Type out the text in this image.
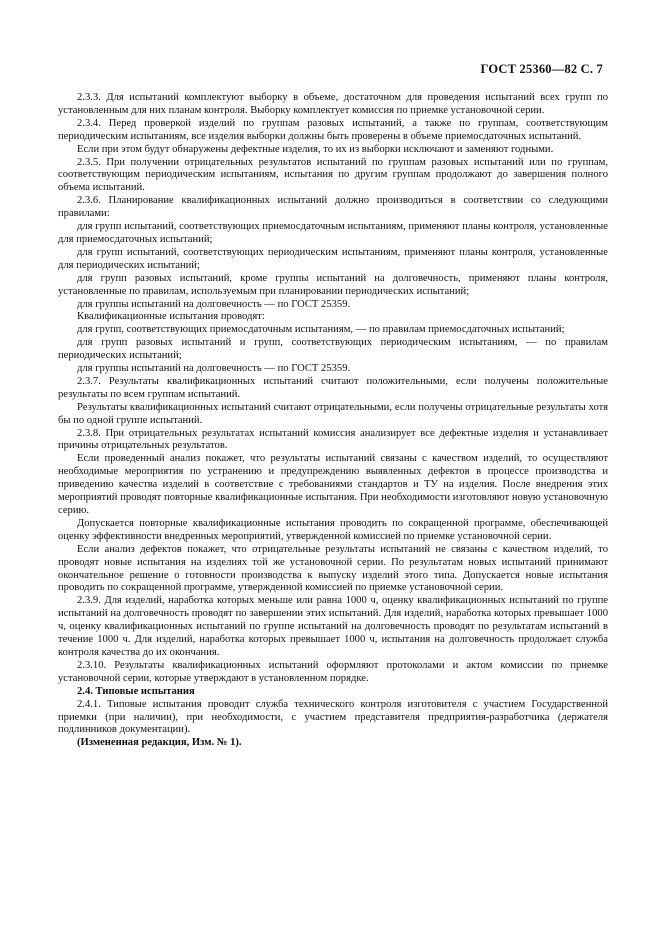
ГОСТ 25360—82 С. 7

2.3.3. Для испытаний комплектуют выборку в объеме, достаточном для проведения испытаний всех групп по установленным для них планам контроля. Выборку комплектует комиссия по приемке установочной серии.

2.3.4. Перед проверкой изделий по группам разовых испытаний, а также по группам, соответствующим периодическим испытаниям, все изделия выборки должны быть проверены в объеме приемосдаточных испытаний.

Если при этом будут обнаружены дефектные изделия, то их из выборки исключают и заменяют годными.

2.3.5. При получении отрицательных результатов испытаний по группам разовых испытаний или по группам, соответствующим периодическим испытаниям, испытания по другим группам продолжают до завершения полного объема испытаний.

2.3.6. Планирование квалификационных испытаний должно производиться в соответствии со следующими правилами:

для групп испытаний, соответствующих приемосдаточным испытаниям, применяют планы контроля, установленные для приемосдаточных испытаний;

для групп испытаний, соответствующих периодическим испытаниям, применяют планы контроля, установленные для периодических испытаний;

для групп разовых испытаний, кроме группы испытаний на долговечность, применяют планы контроля, установленные по правилам, используемым при планировании периодических испытаний;

для группы испытаний на долговечность — по ГОСТ 25359.

Квалификационные испытания проводят:

для групп, соответствующих приемосдаточным испытаниям, — по правилам приемосдаточных испытаний;

для групп разовых испытаний и групп, соответствующих периодическим испытаниям, — по правилам периодических испытаний;

для группы испытаний на долговечность — по ГОСТ 25359.

2.3.7. Результаты квалификационных испытаний считают положительными, если получены положительные результаты по всем группам испытаний.

Результаты квалификационных испытаний считают отрицательными, если получены отрицательные результаты хотя бы по одной группе испытаний.

2.3.8. При отрицательных результатах испытаний комиссия анализирует все дефектные изделия и устанавливает причины отрицательных результатов.

Если проведенный анализ покажет, что результаты испытаний связаны с качеством изделий, то осуществляют необходимые мероприятия по устранению и предупреждению выявленных дефектов в процессе производства и приведению качества изделий в соответствие с требованиями стандартов и ТУ на изделия. После внедрения этих мероприятий проводят повторные квалификационные испытания. При необходимости изготовляют новую установочную серию.

Допускается повторные квалификационные испытания проводить по сокращенной программе, обеспечивающей оценку эффективности внедренных мероприятий, утвержденной комиссией по приемке установочной серии.

Если анализ дефектов покажет, что отрицательные результаты испытаний не связаны с качеством изделий, то проводят новые испытания на изделиях той же установочной серии. По результатам новых испытаний принимают окончательное решение о готовности производства к выпуску изделий этого типа. Допускается новые испытания проводить по сокращенной программе, утвержденной комиссией по приемке установочной серии.

2.3.9. Для изделий, наработка которых меньше или равна 1000 ч, оценку квалификационных испытаний по группе испытаний на долговечность проводят по завершении этих испытаний. Для изделий, наработка которых превышает 1000 ч, оценку квалификационных испытаний по группе испытаний на долговечность проводят по результатам испытаний в течение 1000 ч. Для изделий, наработка которых превышает 1000 ч, испытания на долговечность продолжает служба контроля качества до их окончания.

2.3.10. Результаты квалификационных испытаний оформляют протоколами и актом комиссии по приемке установочной серии, которые утверждают в установленном порядке.

2.4. Типовые испытания

2.4.1. Типовые испытания проводит служба технического контроля изготовителя с участием Государственной приемки (при наличии), при необходимости, с участием представителя предприятия-разработчика (держателя подлинников документации).

(Измененная редакция, Изм. № 1).
